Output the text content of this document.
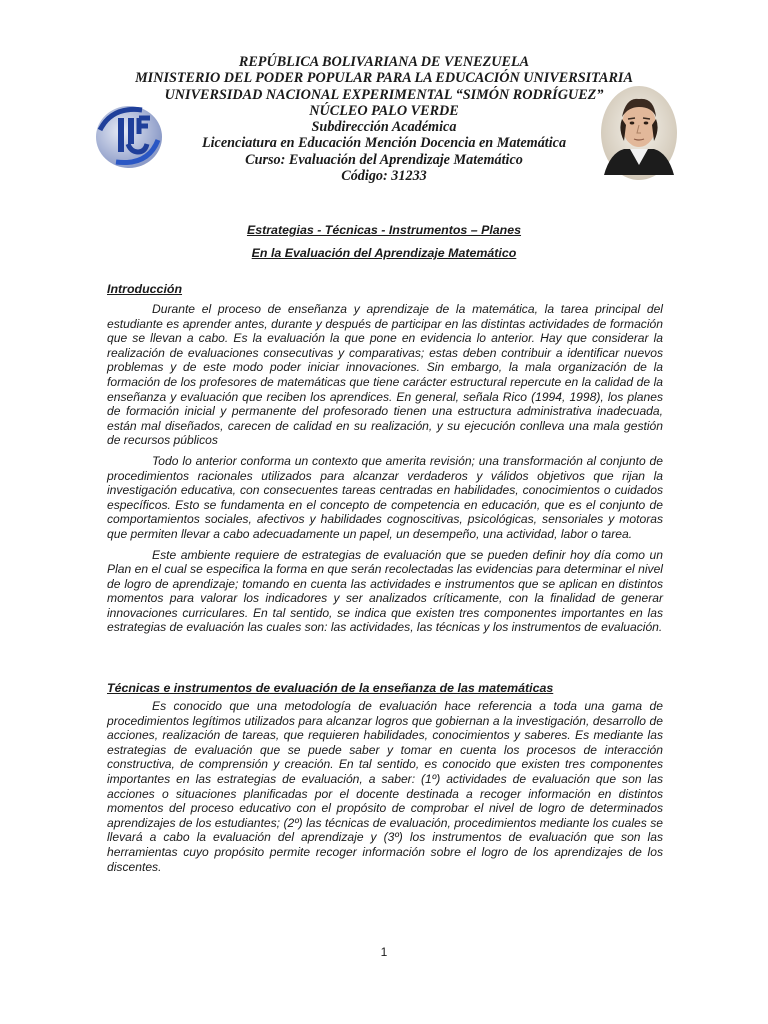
REPÚBLICA BOLIVARIANA DE VENEZUELA
MINISTERIO DEL PODER POPULAR PARA LA EDUCACIÓN UNIVERSITARIA
UNIVERSIDAD NACIONAL EXPERIMENTAL “SIMÓN RODRÍGUEZ”
NÚCLEO PALO VERDE
Subdirección Académica
Licenciatura en Educación Mención Docencia en Matemática
Curso: Evaluación del Aprendizaje Matemático
Código: 31233
Estrategias - Técnicas - Instrumentos – Planes
En la Evaluación del Aprendizaje Matemático
Introducción

Durante el proceso de enseñanza y aprendizaje de la matemática, la tarea principal del estudiante es aprender antes, durante y después de participar en las distintas actividades de formación que se llevan a cabo. Es la evaluación la que pone en evidencia lo anterior. Hay que considerar la realización de evaluaciones consecutivas y comparativas; estas deben contribuir a identificar nuevos problemas y de este modo poder iniciar innovaciones. Sin embargo, la mala organización de la formación de los profesores de matemáticas que tiene carácter estructural repercute en la calidad de la enseñanza y evaluación que reciben los aprendices. En general, señala Rico (1994, 1998), los planes de formación inicial y permanente del profesorado tienen una estructura administrativa inadecuada, están mal diseñados, carecen de calidad en su realización, y su ejecución conlleva una mala gestión de recursos públicos

Todo lo anterior conforma un contexto que amerita revisión; una transformación al conjunto de procedimientos racionales utilizados para alcanzar verdaderos y válidos objetivos que rijan la investigación educativa, con consecuentes tareas centradas en habilidades, conocimientos o cuidados específicos. Esto se fundamenta en el concepto de competencia en educación, que es el conjunto de comportamientos sociales, afectivos y habilidades cognoscitivas, psicológicas, sensoriales y motoras que permiten llevar a cabo adecuadamente un papel, un desempeño, una actividad, labor o tarea.

Este ambiente requiere de estrategias de evaluación que se pueden definir hoy día como un Plan en el cual se especifica la forma en que serán recolectadas las evidencias para determinar el nivel de logro de aprendizaje; tomando en cuenta las actividades e instrumentos que se aplican en distintos momentos para valorar los indicadores y ser analizados críticamente, con la finalidad de generar innovaciones curriculares. En tal sentido, se indica que existen tres componentes importantes en las estrategias de evaluación las cuales son: las actividades, las técnicas y los instrumentos de evaluación.

Técnicas e instrumentos de evaluación de la enseñanza de las matemáticas

Es conocido que una metodología de evaluación hace referencia a toda una gama de procedimientos legítimos utilizados para alcanzar logros que gobiernan a la investigación, desarrollo de acciones, realización de tareas, que requieren habilidades, conocimientos y saberes. Es mediante las estrategias de evaluación que se puede saber y tomar en cuenta los procesos de interacción constructiva, de comprensión y creación. En tal sentido, es conocido que existen tres componentes importantes en las estrategias de evaluación, a saber: (1º) actividades de evaluación que son las acciones o situaciones planificadas por el docente destinada a recoger información en distintos momentos del proceso educativo con el propósito de comprobar el nivel de logro de determinados aprendizajes de los estudiantes; (2º) las técnicas de evaluación, procedimientos mediante los cuales se llevará a cabo la evaluación del aprendizaje y (3º) los instrumentos de evaluación que son las herramientas cuyo propósito permite recoger información sobre el logro de los aprendizajes de los discentes.

1
